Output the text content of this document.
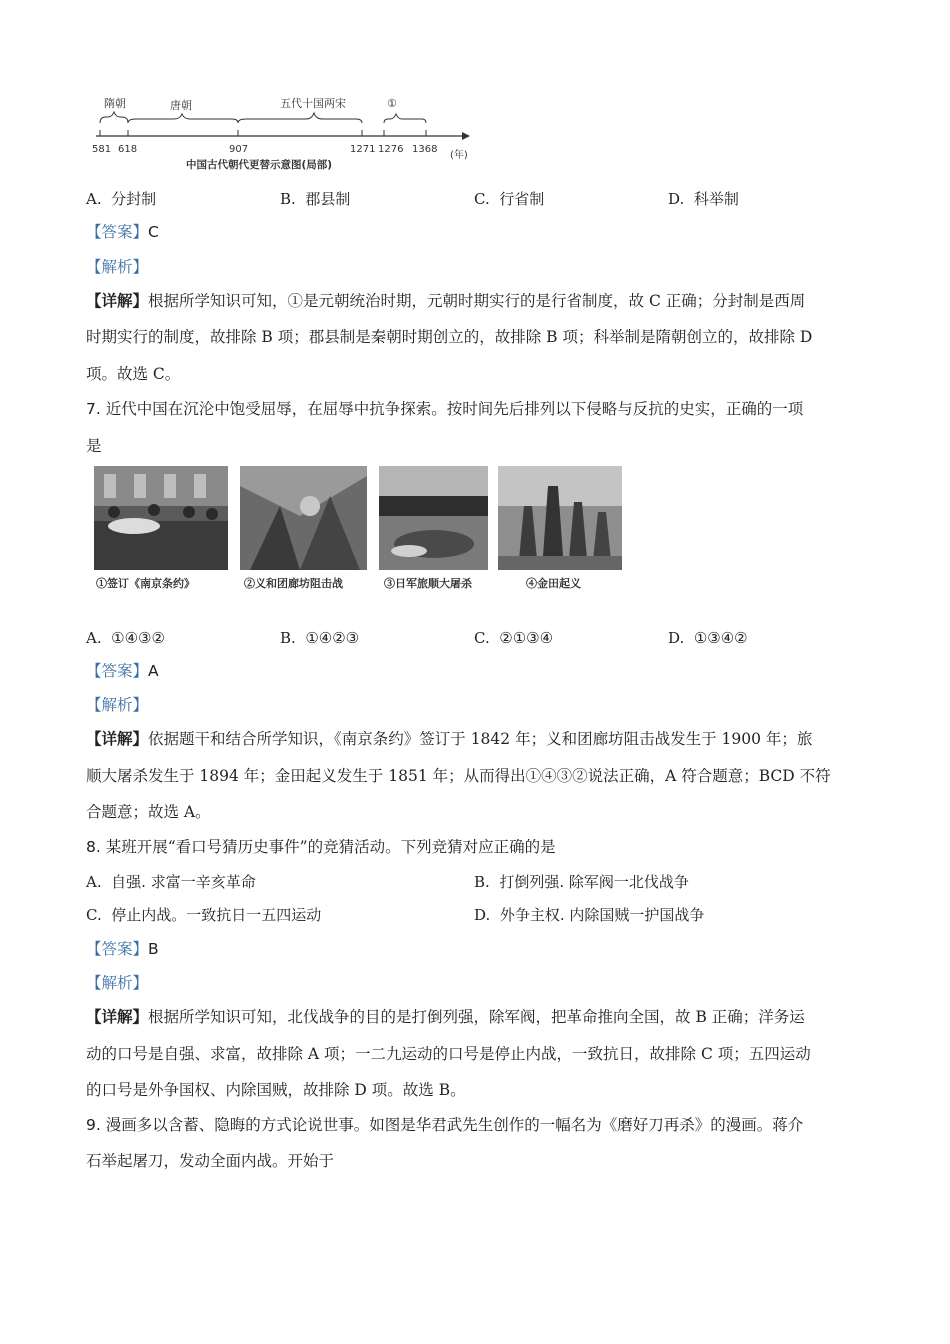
隋朝	唐朝	五代十国两宋	①
581 618	907	1271 1276 1368
(年)
中国古代朝代更替示意图(局部)
A. 分封制	B. 郡县制	C. 行省制	D. 科举制
【答案】C
【解析】
【详解】根据所学知识可知，①是元朝统治时期，元朝时期实行的是行省制度，故 C 正确；分封制是西周
时期实行的制度，故排除 B 项；郡县制是秦朝时期创立的，故排除 B 项；科举制是隋朝创立的，故排除 D
项。故选 C。
7. 近代中国在沉沦中饱受屈辱，在屈辱中抗争探索。按时间先后排列以下侵略与反抗的史实，正确的一项
是
①签订《南京条约》	②义和团廊坊阻击战	③日军旅顺大屠杀	④金田起义
A. ①④③②	B. ①④②③	C. ②①③④	D. ①③④②
【答案】A
【解析】
【详解】依据题干和结合所学知识，《南京条约》签订于 1842 年；义和团廊坊阻击战发生于 1900 年；旅
顺大屠杀发生于 1894 年；金田起义发生于 1851 年；从而得出①④③②说法正确，A 符合题意；BCD 不符
合题意；故选 A。
8. 某班开展“看口号猜历史事件”的竞猜活动。下列竞猜对应正确的是
A. 自强. 求富一辛亥革命	B. 打倒列强. 除军阀一北伐战争
C. 停止内战。一致抗日一五四运动	D. 外争主权. 内除国贼一护国战争
【答案】B
【解析】
【详解】根据所学知识可知，北伐战争的目的是打倒列强，除军阀，把革命推向全国，故 B 正确；洋务运
动的口号是自强、求富，故排除 A 项；一二九运动的口号是停止内战，一致抗日，故排除 C 项；五四运动
的口号是外争国权、内除国贼，故排除 D 项。故选 B。
9. 漫画多以含蓄、隐晦的方式论说世事。如图是华君武先生创作的一幅名为《磨好刀再杀》的漫画。蒋介
石举起屠刀，发动全面内战。开始于
